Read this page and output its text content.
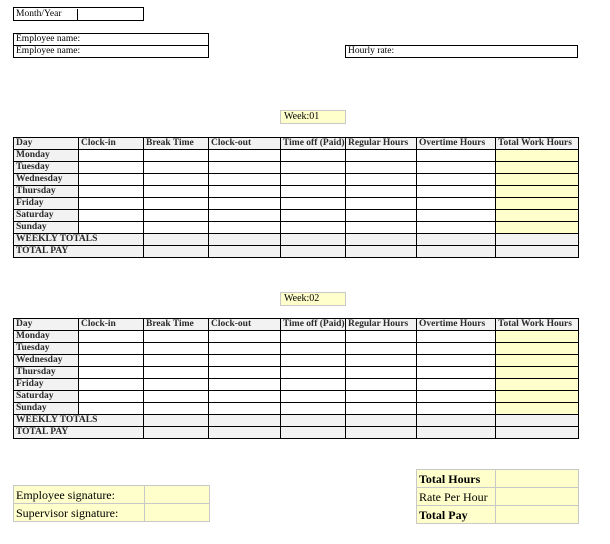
Month/Year
Employee name:
Employee name:	Hourly rate:
Week:01
Day	Clock-in	Break Time	Clock-out	Time off (Paid)	Regular Hours	Overtime Hours	Total Work Hours
Monday							
Tuesday							
Wednesday							
Thursday							
Friday							
Saturday							
Sunday							
WEEKLY TOTALS							
TOTAL PAY							
Week:02
Day	Clock-in	Break Time	Clock-out	Time off (Paid)	Regular Hours	Overtime Hours	Total Work Hours
Monday							
Tuesday							
Wednesday							
Thursday							
Friday							
Saturday							
Sunday							
WEEKLY TOTALS							
TOTAL PAY							
Employee signature:	
Supervisor signature:	
Total Hours	
Rate Per Hour	
Total Pay	
